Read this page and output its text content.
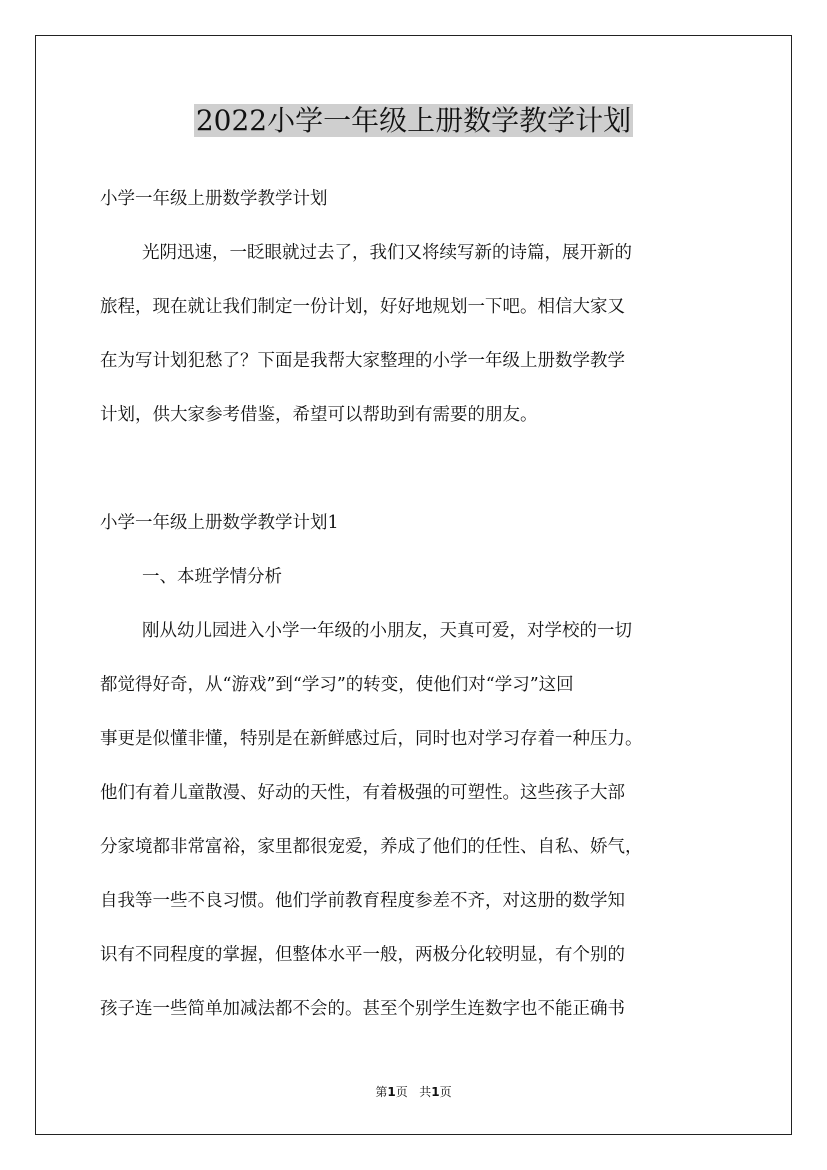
2022小学一年级上册数学教学计划

小学一年级上册数学教学计划

光阴迅速，一眨眼就过去了，我们又将续写新的诗篇，展开新的

旅程，现在就让我们制定一份计划，好好地规划一下吧。相信大家又

在为写计划犯愁了？下面是我帮大家整理的小学一年级上册数学教学

计划，供大家参考借鉴，希望可以帮助到有需要的朋友。

小学一年级上册数学教学计划1

一、本班学情分析

刚从幼儿园进入小学一年级的小朋友，天真可爱，对学校的一切

都觉得好奇，从“游戏”到“学习”的转变，使他们对“学习”这回

事更是似懂非懂，特别是在新鲜感过后，同时也对学习存着一种压力。

他们有着儿童散漫、好动的天性，有着极强的可塑性。这些孩子大部

分家境都非常富裕，家里都很宠爱，养成了他们的任性、自私、娇气，

自我等一些不良习惯。他们学前教育程度参差不齐，对这册的数学知

识有不同程度的掌握，但整体水平一般，两极分化较明显，有个别的

孩子连一些简单加减法都不会的。甚至个别学生连数字也不能正确书

第1页 共1页
